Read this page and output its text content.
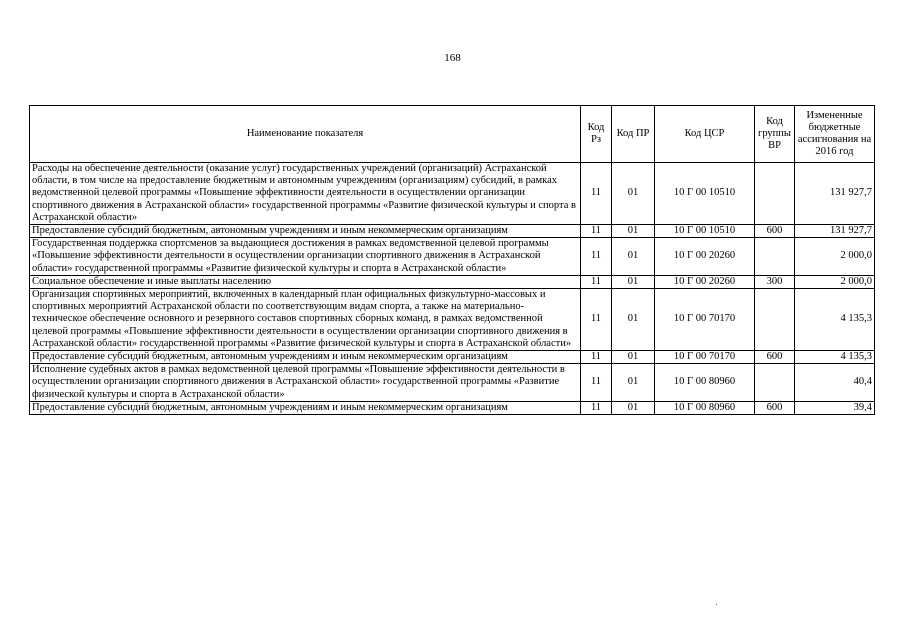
168
Наименование показателя	Код Рз	Код ПР	Код ЦСР	Код группы ВР	Измененные бюджетные ассигнования на 2016 год
Расходы на обеспечение деятельности (оказание услуг) государственных учреждений (организаций) Астраханской области, в том числе на предоставление бюджетным и автономным учреждениям (организациям) субсидий, в рамках ведомственной целевой программы «Повышение эффективности деятельности в осуществлении организации спортивного движения в Астраханской области» государственной программы «Развитие физической культуры и спорта в Астраханской области»	11	01	10 Г 00 10510		131 927,7
Предоставление субсидий бюджетным, автономным учреждениям и иным некоммерческим организациям	11	01	10 Г 00 10510	600	131 927,7
Государственная поддержка спортсменов за выдающиеся достижения в рамках ведомственной целевой программы «Повышение эффективности деятельности в осуществлении организации спортивного движения в Астраханской области» государственной программы «Развитие физической культуры и спорта в Астраханской области»	11	01	10 Г 00 20260		2 000,0
Социальное обеспечение и иные выплаты населению	11	01	10 Г 00 20260	300	2 000,0
Организация спортивных мероприятий, включенных в календарный план официальных физкультурно-массовых и спортивных мероприятий Астраханской области по соответствующим видам спорта, а также на материально-техническое обеспечение основного и резервного составов спортивных сборных команд, в рамках ведомственной целевой программы «Повышение эффективности деятельности в осуществлении организации спортивного движения в Астраханской области» государственной программы «Развитие физической культуры и спорта в Астраханской области»	11	01	10 Г 00 70170		4 135,3
Предоставление субсидий бюджетным, автономным учреждениям и иным некоммерческим организациям	11	01	10 Г 00 70170	600	4 135,3
Исполнение судебных актов в рамках ведомственной целевой программы «Повышение эффективности деятельности в осуществлении организации спортивного движения в Астраханской области» государственной программы «Развитие физической культуры и спорта в Астраханской области»	11	01	10 Г 00 80960		40,4
Предоставление субсидий бюджетным, автономным учреждениям и иным некоммерческим организациям	11	01	10 Г 00 80960	600	39,4
